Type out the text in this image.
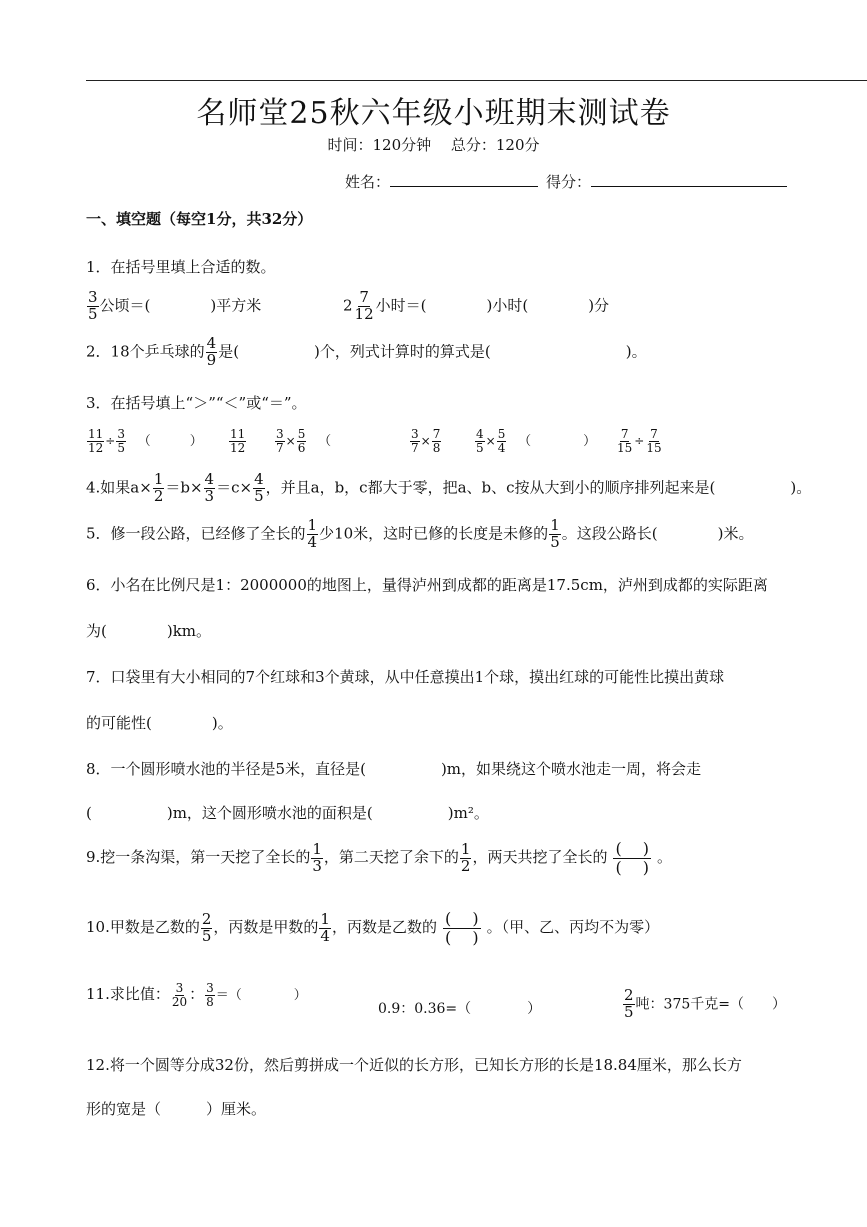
名师堂25秋六年级小班期末测试卷
时间：120分钟　 总分：120分
姓名：	得分：
一、填空题（每空1分，共32分）
1．在括号里填上合适的数。
$\frac{3}{5}$ 公顷＝(　　　　)平方米	$2 \frac{7}{12}$ 小时＝(　　　　)小时(　　　　)分
2．18个乒乓球的 $\frac{4}{9}$ 是(　　　　　)个，列式计算时的算式是(　　　　　　　　　)。
3．在括号填上“＞”“＜”或“＝”。
$\frac{11}{12} \div \frac{3}{5}$ （　　　） $\frac{11}{12} \frac{3}{7} \times \frac{5}{6}$ （　　　	$\frac{3}{7} \times \frac{7}{8}$	$\frac{4}{5} \times \frac{5}{4}$ （　　　　） $\frac{7}{15} \div \frac{7}{15}$
4.如果$a\times \frac{1}{2} =b\times \frac{4}{3} =c\times \frac{4}{5}$ ，并且a，b，c都大于零，把a、b、c按从大到小的顺序排列起来是(　　　　　)。
5．修一段公路，已经修了全长的 $\frac{1}{4}$ 少10米，这时已修的长度是未修的 $\frac{1}{5}$ 。这段公路长(　　　　)米。
6．小名在比例尺是1：2000000的地图上，量得泸州到成都的距离是17.5cm，泸州到成都的实际距离
为(　　　　)km。
7．口袋里有大小相同的7个红球和3个黄球，从中任意摸出1个球，摸出红球的可能性比摸出黄球
的可能性(　　　　)。
8．一个圆形喷水池的半径是5米，直径是(　　　　　)m，如果绕这个喷水池走一周，将会走
(　　　　　)m，这个圆形喷水池的面积是(　　　　　)m²。
9.挖一条沟渠，第一天挖了全长的 $\frac{1}{3}$ ，第二天挖了余下的 $\frac{1}{2}$ ，两天共挖了全长的 $\frac{( )}{( )}$ 。
10.甲数是乙数的 $\frac{2}{5}$ ，丙数是甲数的 $\frac{1}{4}$ ，丙数是乙数的 $\frac{( )}{( )}$ 。（甲、乙、丙均不为零）
11.求比值： $\frac{3}{20}$ ： $\frac{3}{8}$ ＝（　　　　）
0.9：0.36=（　　　　）	$\frac{2}{5}$ 吨：375千克=（　　）
12.将一个圆等分成32份，然后剪拼成一个近似的长方形，已知长方形的长是18.84厘米，那么长方
形的宽是（　　　）厘米。
